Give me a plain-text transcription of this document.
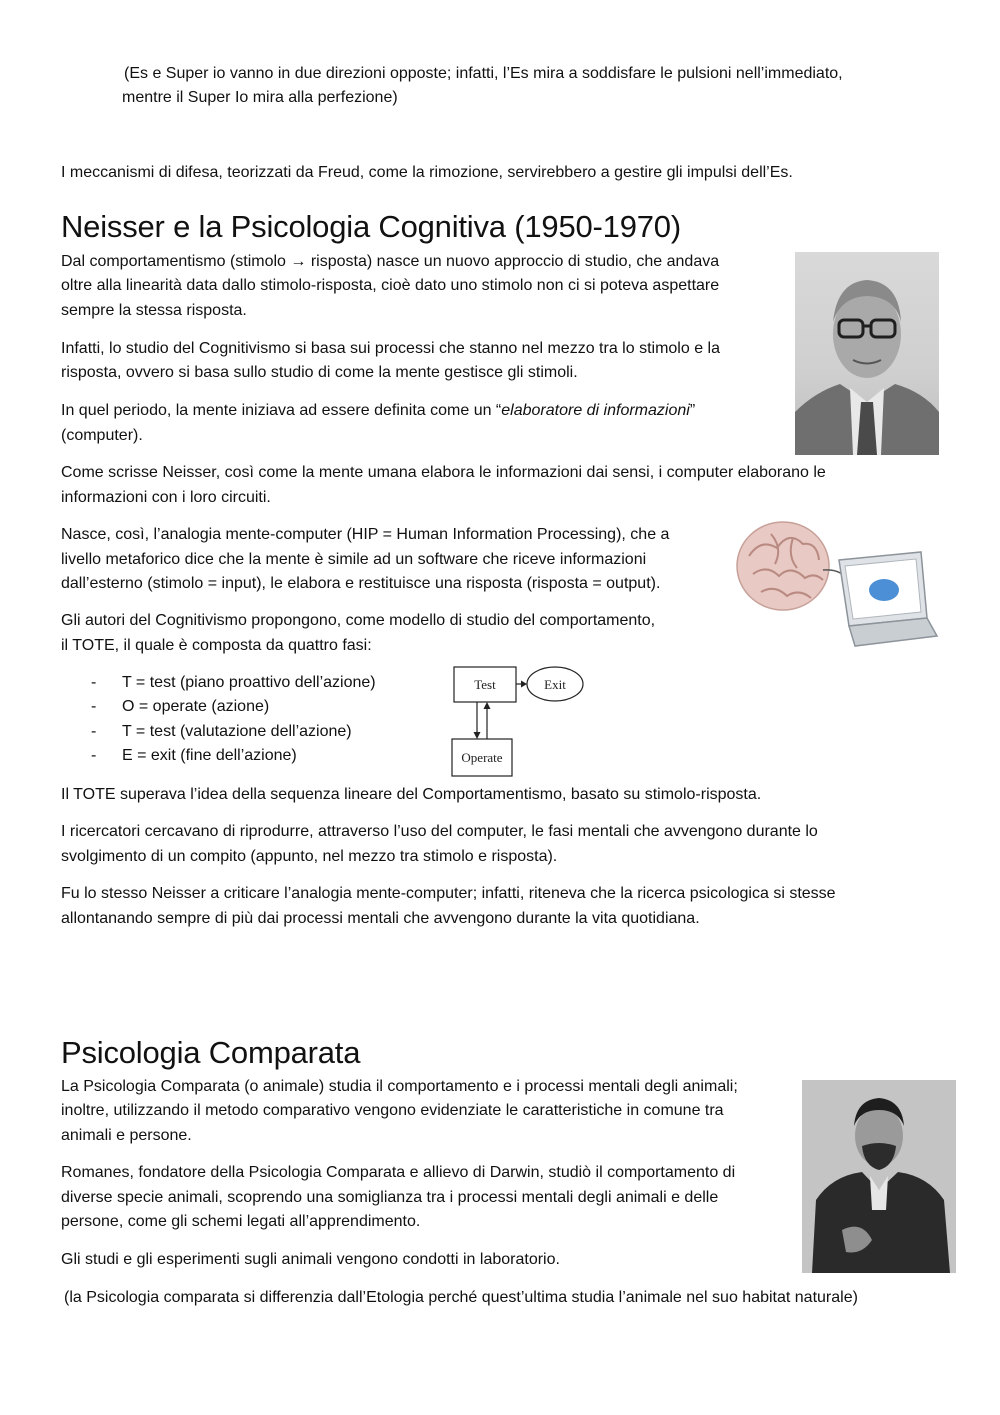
(Es e Super io vanno in due direzioni opposte; infatti, l’Es mira a soddisfare le pulsioni nell’immediato,

mentre il Super Io mira alla perfezione)

I meccanismi di difesa, teorizzati da Freud, come la rimozione, servirebbero a gestire gli impulsi dell’Es.

Neisser e la Psicologia Cognitiva (1950-1970)

Dal comportamentismo (stimolo → risposta) nasce un nuovo approccio di studio, che andava

oltre alla linearità data dallo stimolo-risposta, cioè dato uno stimolo non ci si poteva aspettare

sempre la stessa risposta.

Infatti, lo studio del Cognitivismo si basa sui processi che stanno nel mezzo tra lo stimolo e la

risposta, ovvero si basa sullo studio di come la mente gestisce gli stimoli.

In quel periodo, la mente iniziava ad essere definita come un “elaboratore di informazioni”

(computer).

Come scrisse Neisser, così come la mente umana elabora le informazioni dai sensi, i computer elaborano le

informazioni con i loro circuiti.

Nasce, così, l’analogia mente-computer (HIP = Human Information Processing), che a

livello metaforico dice che la mente è simile ad un software che riceve informazioni

dall’esterno (stimolo = input), le elabora e restituisce una risposta (risposta = output).

Gli autori del Cognitivismo propongono, come modello di studio del comportamento,

il TOTE, il quale è composta da quattro fasi:

- T = test (piano proattivo dell’azione)
- O = operate (azione)
- T = test (valutazione dell’azione)
- E = exit (fine dell’azione)
Test	Exit
Operate

Il TOTE superava l’idea della sequenza lineare del Comportamentismo, basato su stimolo-risposta.

I ricercatori cercavano di riprodurre, attraverso l’uso del computer, le fasi mentali che avvengono durante lo

svolgimento di un compito (appunto, nel mezzo tra stimolo e risposta).

Fu lo stesso Neisser a criticare l’analogia mente-computer; infatti, riteneva che la ricerca psicologica si stesse

allontanando sempre di più dai processi mentali che avvengono durante la vita quotidiana.

Psicologia Comparata

La Psicologia Comparata (o animale) studia il comportamento e i processi mentali degli animali;

inoltre, utilizzando il metodo comparativo vengono evidenziate le caratteristiche in comune tra

animali e persone.

Romanes, fondatore della Psicologia Comparata e allievo di Darwin, studiò il comportamento di

diverse specie animali, scoprendo una somiglianza tra i processi mentali degli animali e delle

persone, come gli schemi legati all’apprendimento.

Gli studi e gli esperimenti sugli animali vengono condotti in laboratorio.

(la Psicologia comparata si differenzia dall’Etologia perché quest’ultima studia l’animale nel suo habitat naturale)
